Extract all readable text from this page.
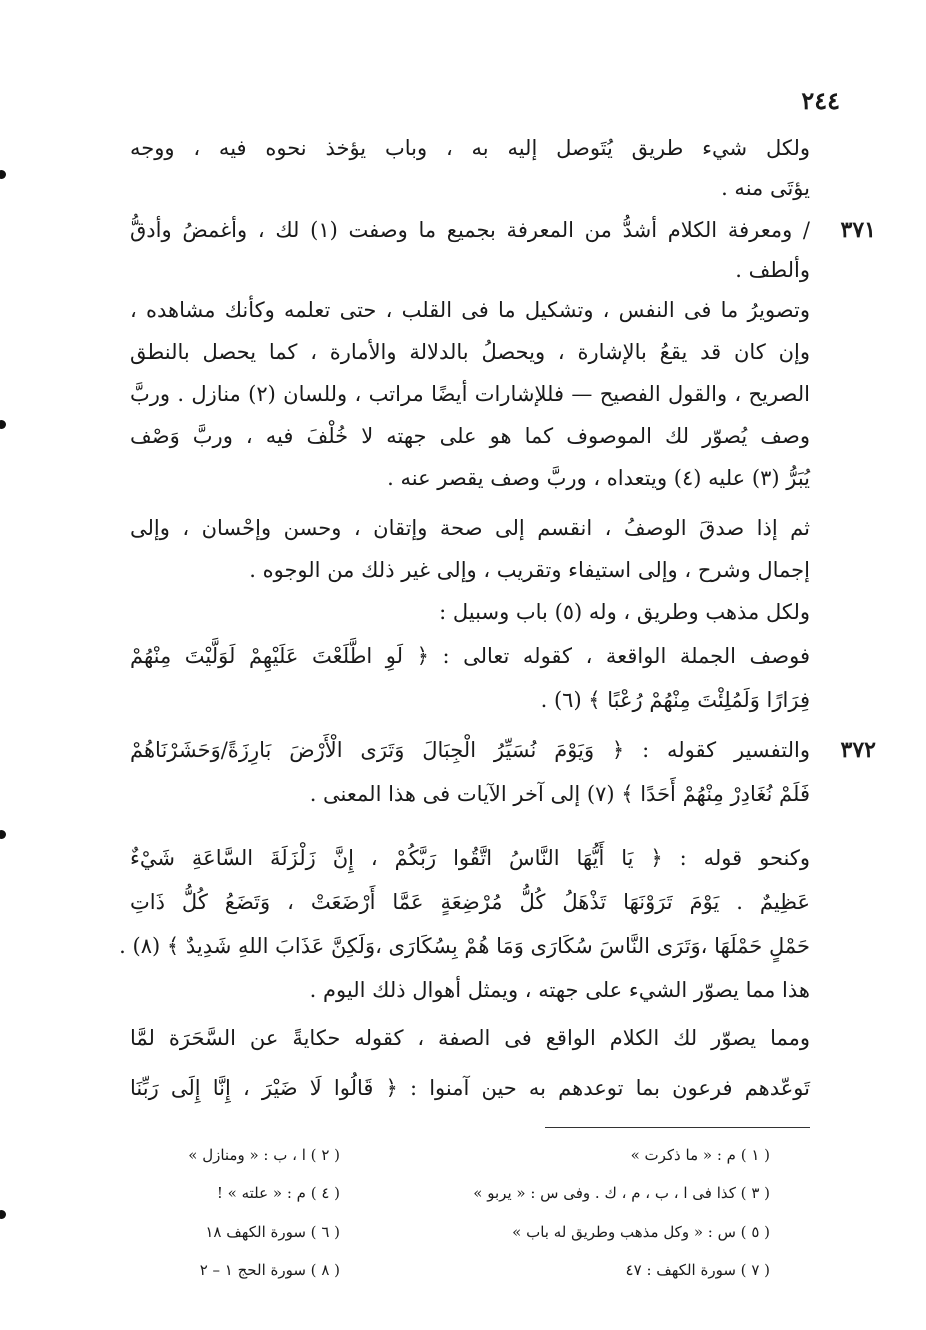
٢٤٤
ولكل شيء طريق يُتَوصل إليه به ، وباب يؤخذ نحوه فيه ، ووجه
يؤتَى منه .
٣٧١
/ ومعرفة الكلام أشدُّ من المعرفة بجميع ما وصفت (١) لك ، وأغمضُ وأدقُّ
وألطف .
وتصويرُ ما فى النفس ، وتشكيل ما فى القلب ، حتى تعلمه وكأنك مشاهده ،
وإن كان قد يقعُ بالإشارة ، ويحصلُ بالدلالة والأمارة ، كما يحصل بالنطق
الصريح ، والقول الفصيح — فللإشارات أيضًا مراتب ، وللسان (٢) منازل . وربَّ
وصف يُصوّر لك الموصوف كما هو على جهته لا خُلْفَ فيه ، وربَّ وَصْف
يُبَرُّ (٣) عليه (٤) ويتعداه ، وربَّ وصف يقصر عنه .
ثم إذا صدقَ الوصفُ ، انقسم إلى صحة وإتقان ، وحسن وإحْسان ، وإلى
إجمال وشرح ، وإلى استيفاء وتقريب ، وإلى غير ذلك من الوجوه .
ولكل مذهب وطريق ، وله (٥) باب وسبيل :
فوصف الجملة الواقعة ، كقوله تعالى : ﴿ لَوِ اطَّلَعْتَ عَلَيْهِمْ لَوَلَّيْتَ مِنْهُمْ
فِرَارًا وَلَمُلِئْتَ مِنْهُمْ رُعْبًا ﴾ (٦) .
٣٧٢
والتفسير كقوله : ﴿ وَيَوْمَ نُسَيِّرُ الْجِبَالَ وَتَرَى الْأَرْضَ بَارِزَةً/وَحَشَرْنَاهُمْ
فَلَمْ نُغَادِرْ مِنْهُمْ أَحَدًا ﴾ (٧) إلى آخر الآيات فى هذا المعنى .
وكنحو قوله : ﴿ يَا أَيُّهَا النَّاسُ اتَّقُوا رَبَّكُمْ ، إِنَّ زَلْزَلَةَ السَّاعَةِ شَيْءٌ
عَظِيمٌ . يَوْمَ تَرَوْنَهَا تَذْهَلُ كُلُّ مُرْضِعَةٍ عَمَّا أَرْضَعَتْ ، وَتَضَعُ كُلُّ ذَاتِ
حَمْلٍ حَمْلَهَا ،وَتَرَى النَّاسَ سُكَارَى وَمَا هُمْ بِسُكَارَى ،وَلَكِنَّ عَذَابَ اللهِ شَدِيدٌ ﴾ (٨) .
هذا مما يصوّر الشيء على جهته ، ويمثل أهوال ذلك اليوم .
ومما يصوّر لك الكلام الواقع فى الصفة ، كقوله حكايةً عن السَّحَرَة لمَّا
تَوعّدهم فرعون بما توعدهم به حين آمنوا : ﴿ قَالُوا لَا ضَيْرَ ، إِنَّا إِلَى رَبِّنَا
( ١ ) م : « ما ذكرت »
( ٢ ) ا ، ب : « ومنازل »
( ٣ ) كذا فى ا ، ب ، م ، ك . وفى س : « يربو »
( ٤ ) م : « علته » !
( ٥ ) س : « وكل مذهب وطريق له باب »
( ٦ ) سورة الكهف ١٨
( ٧ ) سورة الكهف : ٤٧
( ٨ ) سورة الحج ١ – ٢
